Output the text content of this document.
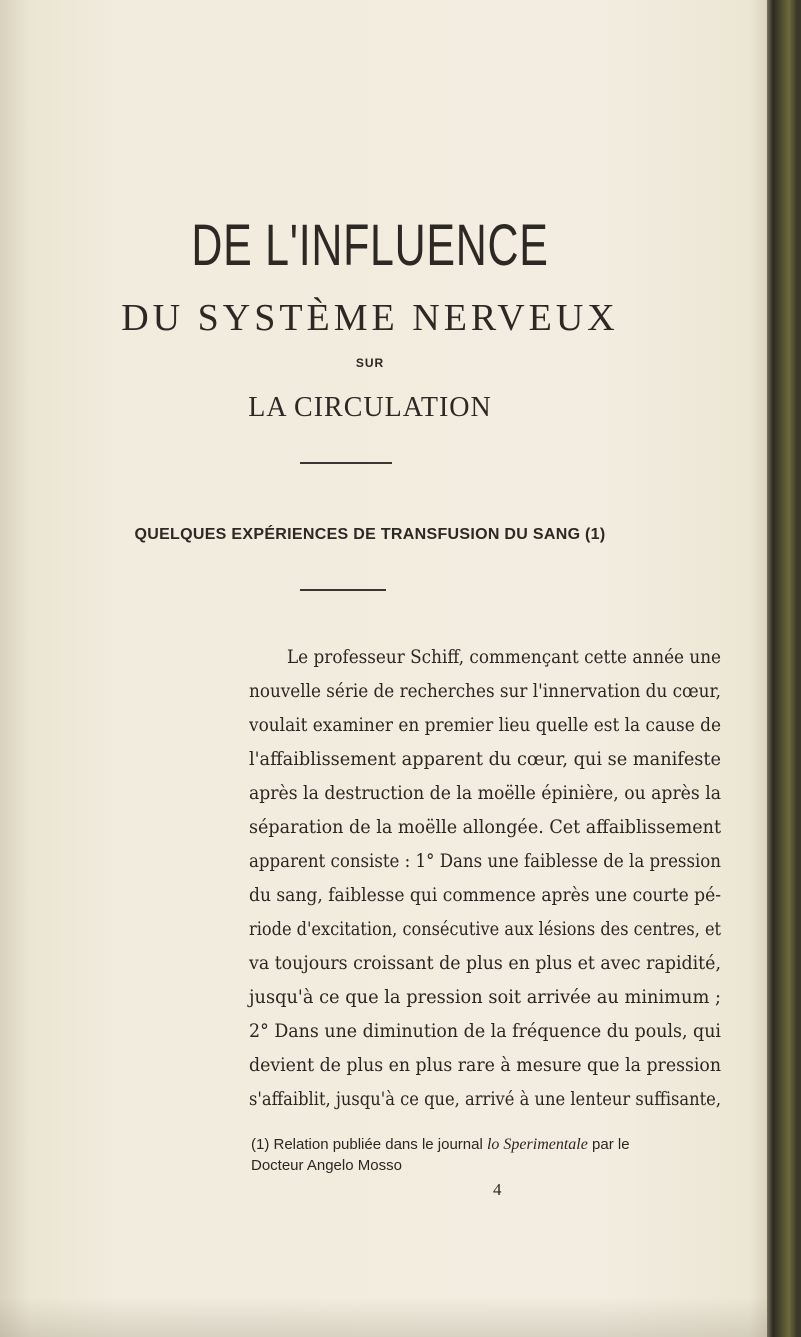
DE L'INFLUENCE
DU SYSTÈME NERVEUX
SUR
LA CIRCULATION
QUELQUES EXPÉRIENCES DE TRANSFUSION DU SANG (1)
Le professeur Schiff, commençant cette année une
nouvelle série de recherches sur l'innervation du cœur,
voulait examiner en premier lieu quelle est la cause de
l'affaiblissement apparent du cœur, qui se manifeste
après la destruction de la moëlle épinière, ou après la
séparation de la moëlle allongée. Cet affaiblissement
apparent consiste : 1° Dans une faiblesse de la pression
du sang, faiblesse qui commence après une courte pé-
riode d'excitation, consécutive aux lésions des centres, et
va toujours croissant de plus en plus et avec rapidité,
jusqu'à ce que la pression soit arrivée au minimum ;
2° Dans une diminution de la fréquence du pouls, qui
devient de plus en plus rare à mesure que la pression
s'affaiblit, jusqu'à ce que, arrivé à une lenteur suffisante,
(1) Relation publiée dans le journal lo Sperimentale par le
Docteur Angelo Mosso
4
